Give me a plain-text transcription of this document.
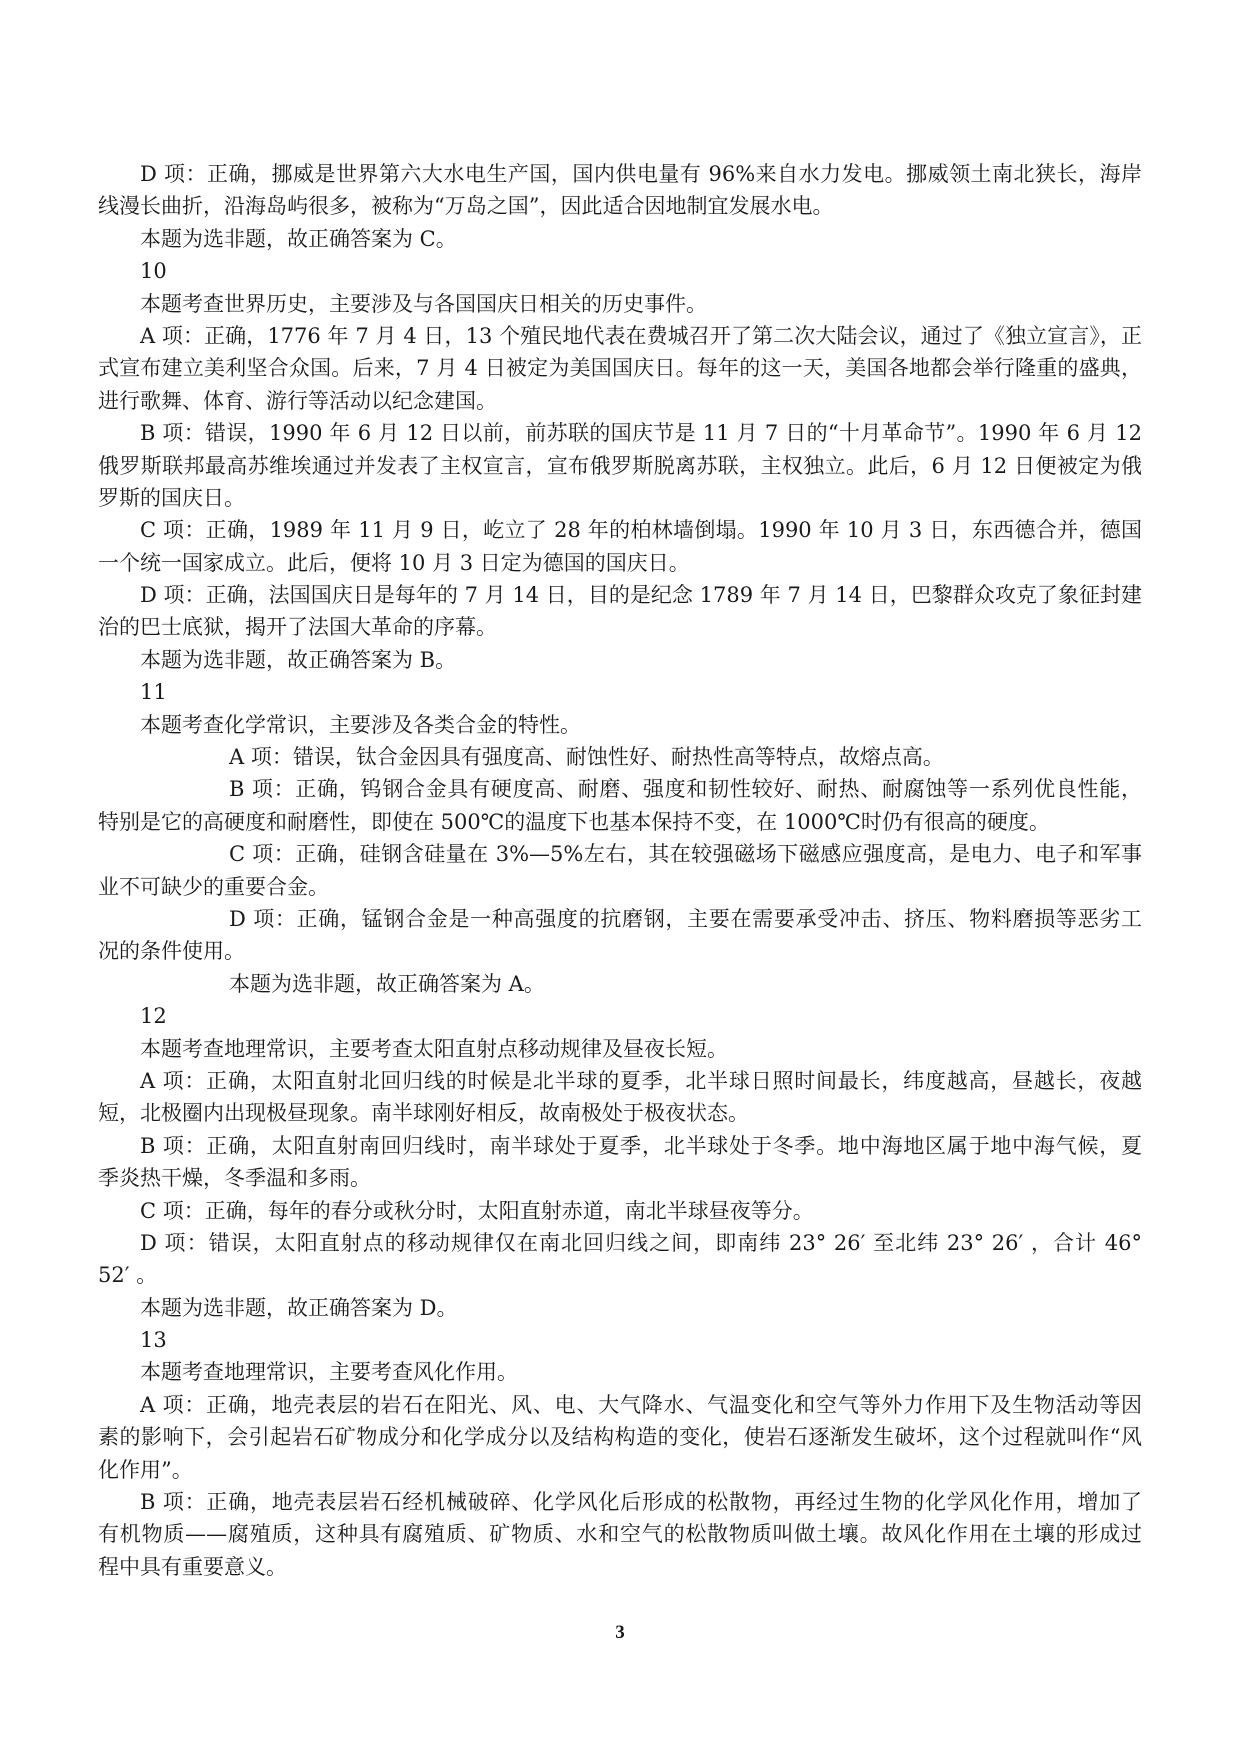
D 项：正确，挪威是世界第六大水电生产国，国内供电量有 96%来自水力发电。挪威领土南北狭长，海岸
线漫长曲折，沿海岛屿很多，被称为“万岛之国”，因此适合因地制宜发展水电。
本题为选非题，故正确答案为 C。
10
本题考查世界历史，主要涉及与各国国庆日相关的历史事件。
A 项：正确，1776 年 7 月 4 日，13 个殖民地代表在费城召开了第二次大陆会议，通过了《独立宣言》，正
式宣布建立美利坚合众国。后来，7 月 4 日被定为美国国庆日。每年的这一天，美国各地都会举行隆重的盛典，
进行歌舞、体育、游行等活动以纪念建国。
B 项：错误，1990 年 6 月 12 日以前，前苏联的国庆节是 11 月 7 日的“十月革命节”。1990 年 6 月 12
俄罗斯联邦最高苏维埃通过并发表了主权宣言，宣布俄罗斯脱离苏联，主权独立。此后，6 月 12 日便被定为俄
罗斯的国庆日。
C 项：正确，1989 年 11 月 9 日，屹立了 28 年的柏林墙倒塌。1990 年 10 月 3 日，东西德合并，德国
一个统一国家成立。此后，便将 10 月 3 日定为德国的国庆日。
D 项：正确，法国国庆日是每年的 7 月 14 日，目的是纪念 1789 年 7 月 14 日，巴黎群众攻克了象征封建
治的巴士底狱，揭开了法国大革命的序幕。
本题为选非题，故正确答案为 B。
11
本题考查化学常识，主要涉及各类合金的特性。
A 项：错误，钛合金因具有强度高、耐蚀性好、耐热性高等特点，故熔点高。
B 项：正确，钨钢合金具有硬度高、耐磨、强度和韧性较好、耐热、耐腐蚀等一系列优良性能，
特别是它的高硬度和耐磨性，即使在 500℃的温度下也基本保持不变，在 1000℃时仍有很高的硬度。
C 项：正确，硅钢含硅量在 3%—5%左右，其在较强磁场下磁感应强度高，是电力、电子和军事
业不可缺少的重要合金。
D 项：正确，锰钢合金是一种高强度的抗磨钢，主要在需要承受冲击、挤压、物料磨损等恶劣工
况的条件使用。
本题为选非题，故正确答案为 A。
12
本题考查地理常识，主要考查太阳直射点移动规律及昼夜长短。
A 项：正确，太阳直射北回归线的时候是北半球的夏季，北半球日照时间最长，纬度越高，昼越长，夜越
短，北极圈内出现极昼现象。南半球刚好相反，故南极处于极夜状态。
B 项：正确，太阳直射南回归线时，南半球处于夏季，北半球处于冬季。地中海地区属于地中海气候，夏
季炎热干燥，冬季温和多雨。
C 项：正确，每年的春分或秋分时，太阳直射赤道，南北半球昼夜等分。
D 项：错误，太阳直射点的移动规律仅在南北回归线之间，即南纬 23° 26′ 至北纬 23° 26′ ，合计 46°
52′ 。
本题为选非题，故正确答案为 D。
13
本题考查地理常识，主要考查风化作用。
A 项：正确，地壳表层的岩石在阳光、风、电、大气降水、气温变化和空气等外力作用下及生物活动等因
素的影响下，会引起岩石矿物成分和化学成分以及结构构造的变化，使岩石逐渐发生破坏，这个过程就叫作“风
化作用”。
B 项：正确，地壳表层岩石经机械破碎、化学风化后形成的松散物，再经过生物的化学风化作用，增加了
有机物质——腐殖质，这种具有腐殖质、矿物质、水和空气的松散物质叫做土壤。故风化作用在土壤的形成过
程中具有重要意义。
3
